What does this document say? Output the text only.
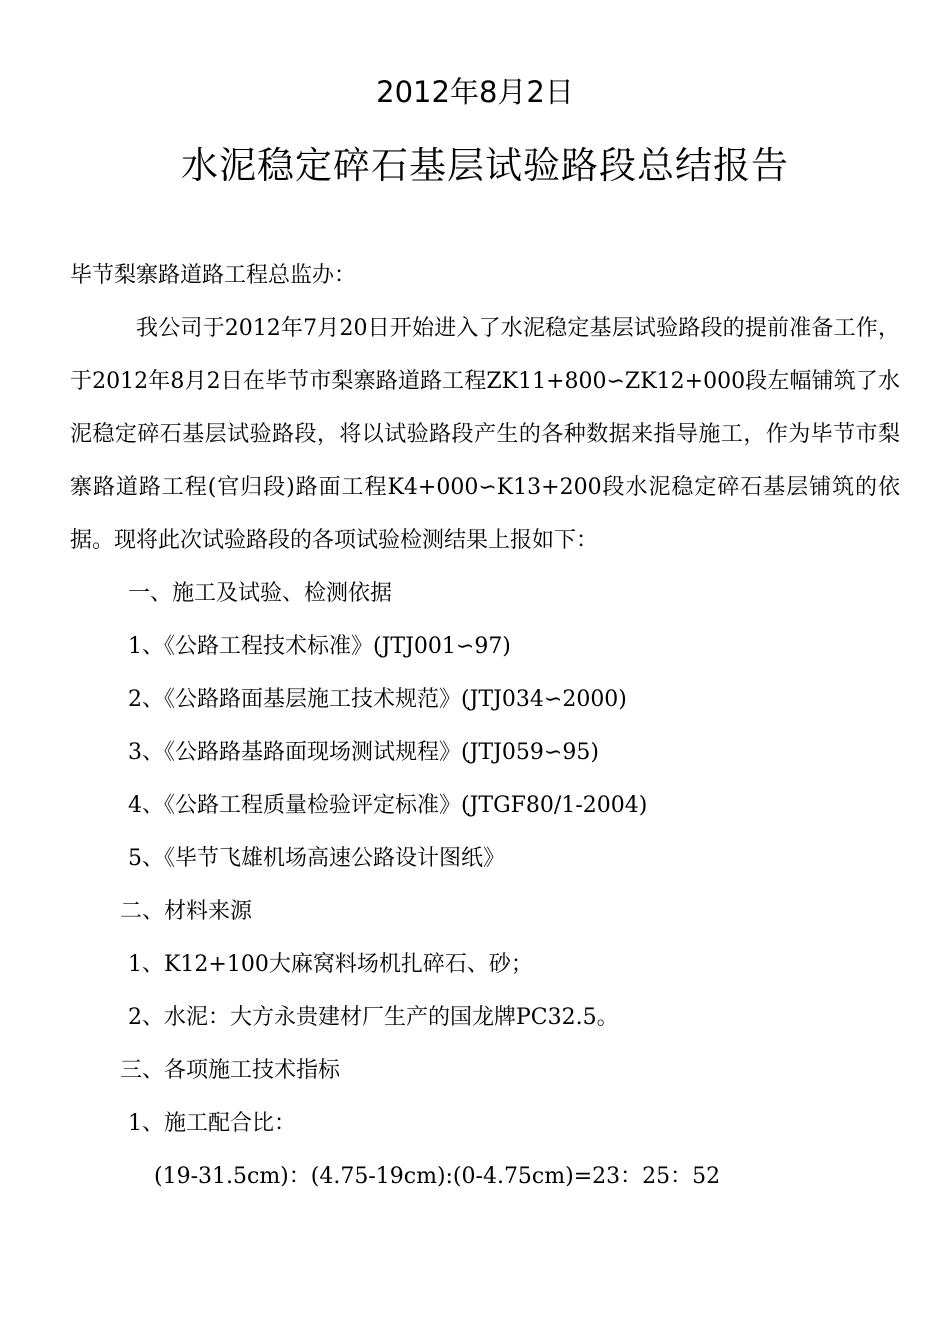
2012年8月2日
水泥稳定碎石基层试验路段总结报告
毕节梨寨路道路工程总监办：

我公司于2012年7月20日开始进入了水泥稳定基层试验路段的提前准备工作，于2012年8月2日在毕节市梨寨路道路工程ZK11+800∽ZK12+000段左幅铺筑了水泥稳定碎石基层试验路段，将以试验路段产生的各种数据来指导施工，作为毕节市梨寨路道路工程(官归段)路面工程K4+000∽K13+200段水泥稳定碎石基层铺筑的依据。现将此次试验路段的各项试验检测结果上报如下：

一、施工及试验、检测依据
1、《公路工程技术标准》(JTJ001∽97)
2、《公路路面基层施工技术规范》(JTJ034∽2000)
3、《公路路基路面现场测试规程》(JTJ059∽95)
4、《公路工程质量检验评定标准》(JTGF80/1-2004)
5、《毕节飞雄机场高速公路设计图纸》
二、材料来源
1、K12+100大麻窝料场机扎碎石、砂；
2、水泥：大方永贵建材厂生产的国龙牌PC32.5。
三、各项施工技术指标
1、施工配合比：
(19-31.5cm)：(4.75-19cm):(0-4.75cm)=23：25：52
